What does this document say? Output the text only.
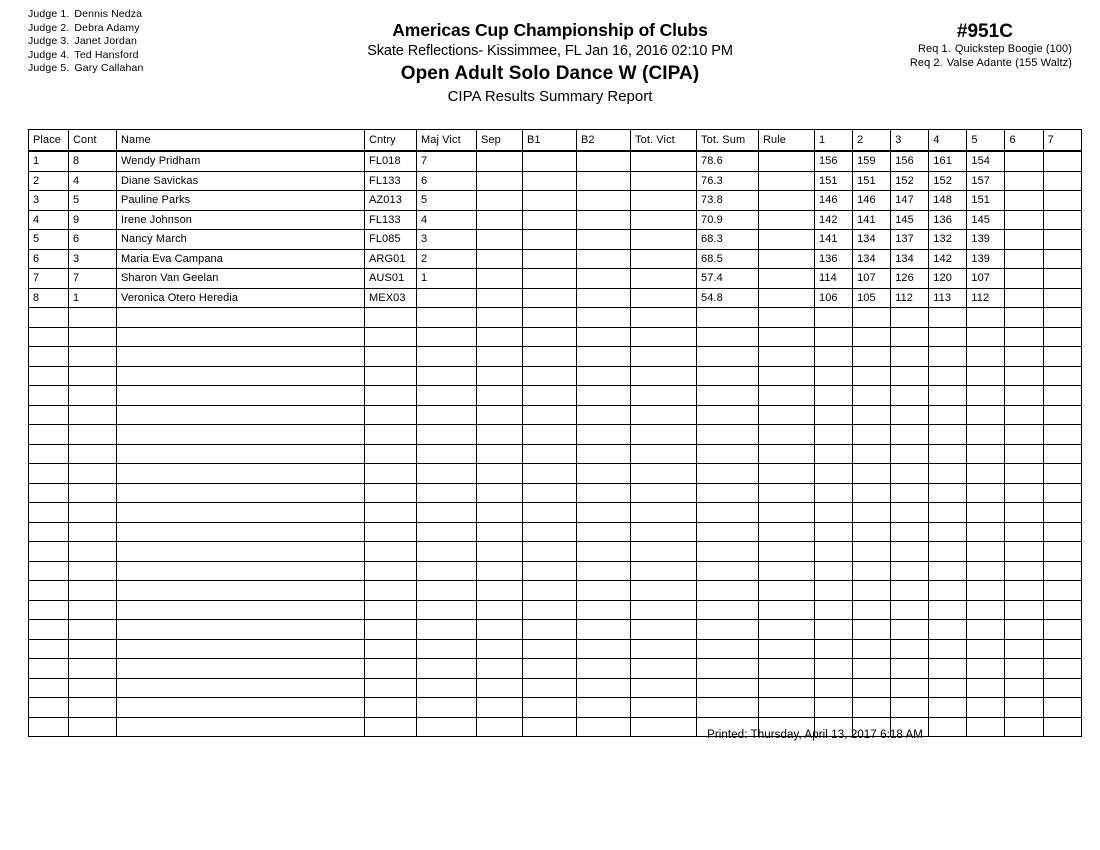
Judge 1. Dennis Nedza
Judge 2. Debra Adamy
Judge 3. Janet Jordan
Judge 4. Ted Hansford
Judge 5. Gary Callahan
Americas Cup Championship of Clubs
Skate Reflections- Kissimmee, FL Jan 16, 2016 02:10 PM
Open Adult Solo Dance W (CIPA)
CIPA Results Summary Report
#951C
Req 1. Quickstep Boogie (100)
Req 2. Valse Adante (155 Waltz)
Place	Cont	Name	Cntry	Maj Vict	Sep	B1	B2	Tot. Vict	Tot. Sum	Rule	1	2	3	4	5	6	7
1	8	Wendy Pridham	FL018	7					78.6		156	159	156	161	154		
2	4	Diane Savickas	FL133	6					76.3		151	151	152	152	157		
3	5	Pauline Parks	AZ013	5					73.8		146	146	147	148	151		
4	9	Irene Johnson	FL133	4					70.9		142	141	145	136	145		
5	6	Nancy March	FL085	3					68.3		141	134	137	132	139		
6	3	Maria Eva Campana	ARG01	2					68.5		136	134	134	142	139		
7	7	Sharon Van Geelan	AUS01	1					57.4		114	107	126	120	107		
8	1	Veronica Otero Heredia	MEX03						54.8		106	105	112	113	112		

Printed: Thursday, April 13, 2017 6:18 AM
